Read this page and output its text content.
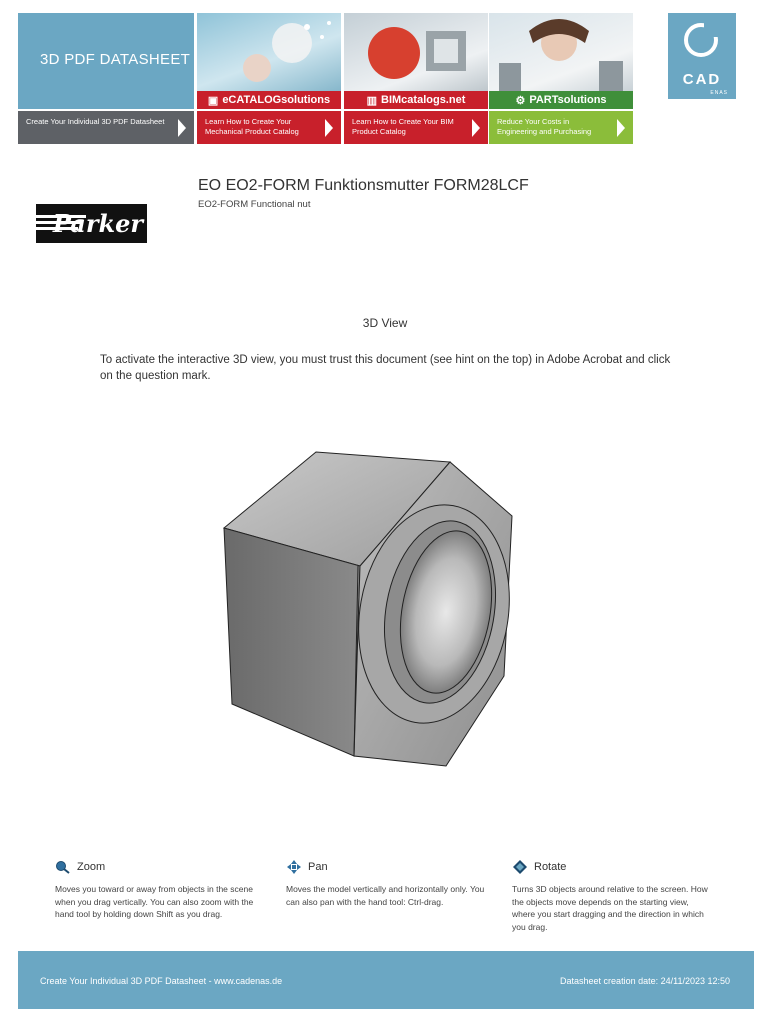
3D PDF DATASHEET
Create Your Individual 3D PDF Datasheet
▣ eCATALOGsolutions
Learn How to Create Your Mechanical Product Catalog
▥ BIMcatalogs.net
Learn How to Create Your BIM Product Catalog
⚙ PARTsolutions
Reduce Your Costs in Engineering and Purchasing
CAD
ENAS
Parker
EO EO2-FORM Funktionsmutter FORM28LCF
EO2-FORM Functional nut
3D View
To activate the interactive 3D view, you must trust this document (see hint on the top) in Adobe Acrobat and click on the question mark.
Zoom
Moves you toward or away from objects in the scene when you drag vertically. You can also zoom with the hand tool by holding down Shift as you drag.
Pan
Moves the model vertically and horizontally only. You can also pan with the hand tool: Ctrl-drag.
Rotate
Turns 3D objects around relative to the screen. How the objects move depends on the starting view, where you start dragging and the direction in which you drag.
Create Your Individual 3D PDF Datasheet - www.cadenas.de	Datasheet creation date: 24/11/2023 12:50
